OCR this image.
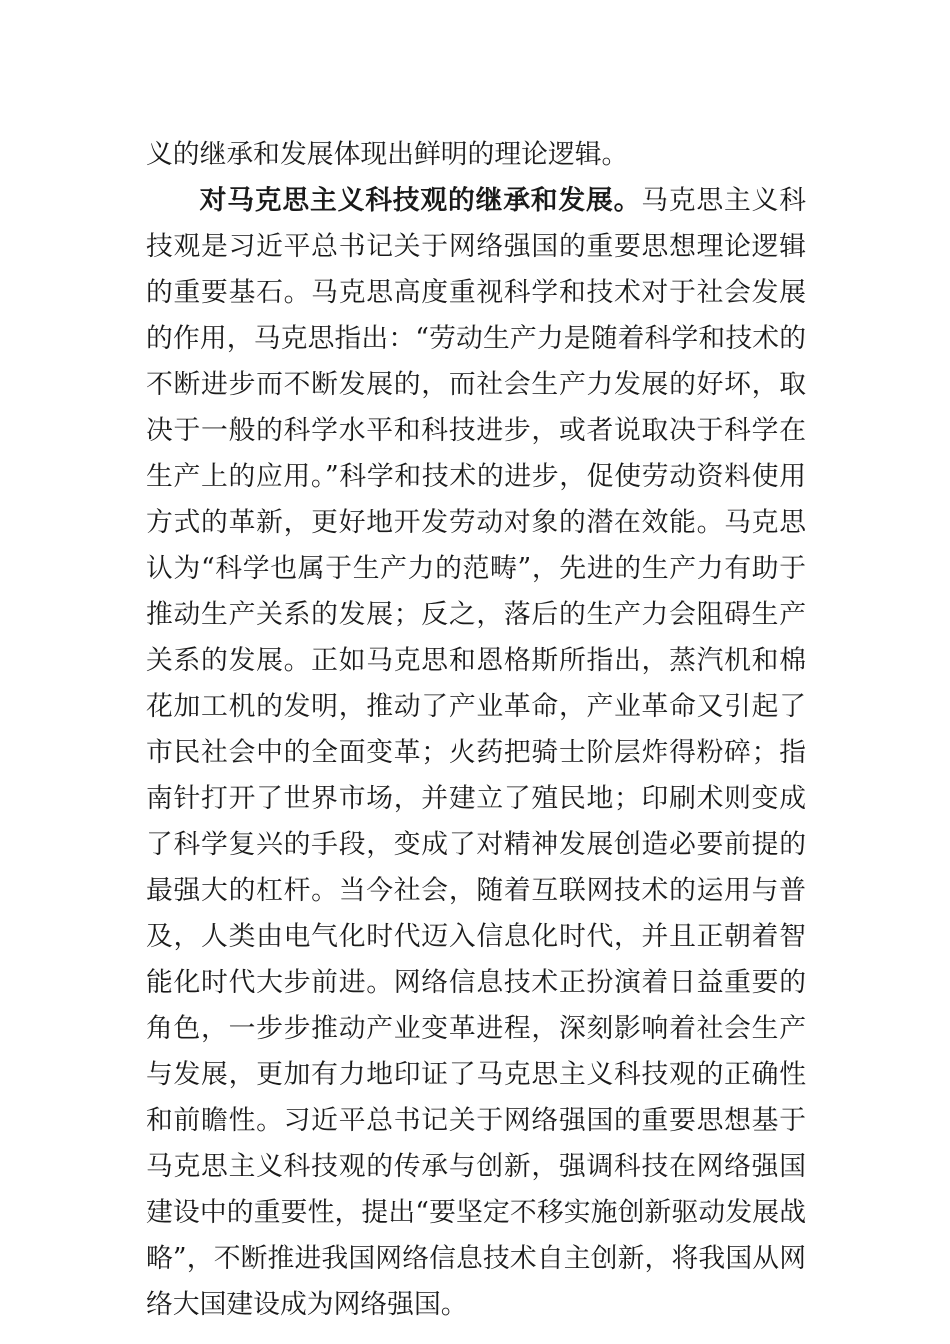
义的继承和发展体现出鲜明的理论逻辑。

对马克思主义科技观的继承和发展。马克思主义科技观是习近平总书记关于网络强国的重要思想理论逻辑的重要基石。马克思高度重视科学和技术对于社会发展的作用，马克思指出：“劳动生产力是随着科学和技术的不断进步而不断发展的，而社会生产力发展的好坏，取决于一般的科学水平和科技进步，或者说取决于科学在生产上的应用。”科学和技术的进步，促使劳动资料使用方式的革新，更好地开发劳动对象的潜在效能。马克思认为“科学也属于生产力的范畴”，先进的生产力有助于推动生产关系的发展；反之，落后的生产力会阻碍生产关系的发展。正如马克思和恩格斯所指出，蒸汽机和棉花加工机的发明，推动了产业革命，产业革命又引起了市民社会中的全面变革；火药把骑士阶层炸得粉碎；指南针打开了世界市场，并建立了殖民地；印刷术则变成了科学复兴的手段，变成了对精神发展创造必要前提的最强大的杠杆。当今社会，随着互联网技术的运用与普及，人类由电气化时代迈入信息化时代，并且正朝着智能化时代大步前进。网络信息技术正扮演着日益重要的角色，一步步推动产业变革进程，深刻影响着社会生产与发展，更加有力地印证了马克思主义科技观的正确性和前瞻性。习近平总书记关于网络强国的重要思想基于马克思主义科技观的传承与创新，强调科技在网络强国建设中的重要性，提出“要坚定不移实施创新驱动发展战略”，不断推进我国网络信息技术自主创新，将我国从网络大国建设成为网络强国。
